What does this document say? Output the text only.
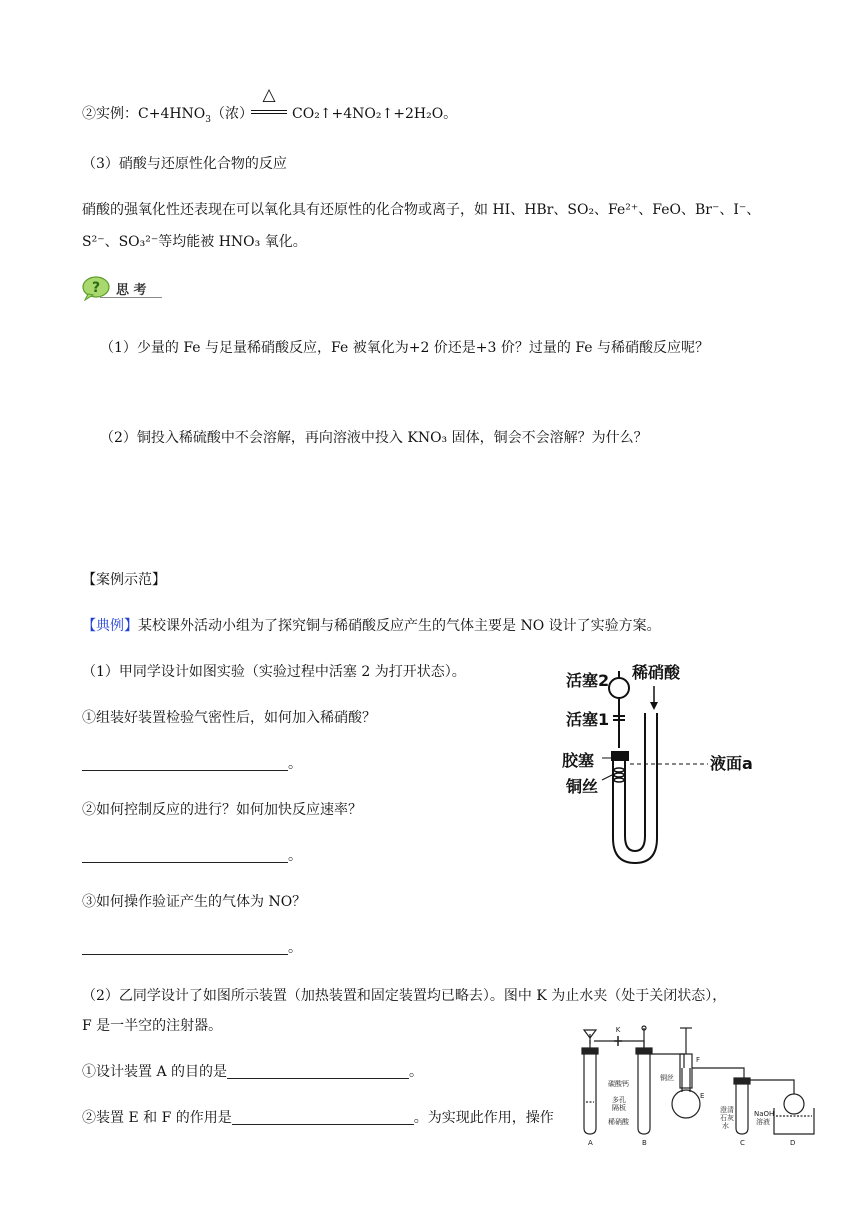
②实例：$C+4HNO_3$（浓）
△
CO₂↑+4NO₂↑+2H₂O。
（3）硝酸与还原性化合物的反应
硝酸的强氧化性还表现在可以氧化具有还原性的化合物或离子，如 HI、HBr、SO₂、Fe²⁺、FeO、Br⁻、I⁻、
S²⁻、SO₃²⁻等均能被 HNO₃ 氧化。
? 思 考
（1）少量的 Fe 与足量稀硝酸反应，Fe 被氧化为+2 价还是+3 价？过量的 Fe 与稀硝酸反应呢？
（2）铜投入稀硫酸中不会溶解，再向溶液中投入 KNO₃ 固体，铜会不会溶解？为什么？
【案例示范】
【典例】某校课外活动小组为了探究铜与稀硝酸反应产生的气体主要是 NO 设计了实验方案。
（1）甲同学设计如图实验（实验过程中活塞 2 为打开状态）。
①组装好装置检验气密性后，如何加入稀硝酸？
。
②如何控制反应的进行？如何加快反应速率？
。
③如何操作验证产生的气体为 NO？
。
（2）乙同学设计了如图所示装置（加热装置和固定装置均已略去）。图中 K 为止水夹（处于关闭状态），
F 是一半空的注射器。
①设计装置 A 的目的是	。
②装置 E 和 F 的作用是	。为实现此作用，操作
活塞2 稀硝酸
活塞1
胶塞	液面a
铜丝
K
F
E
碳酸钙
多孔
隔板
稀硝酸
铜丝
澄清
石灰
水
NaOH
溶液
A	B	C	D
